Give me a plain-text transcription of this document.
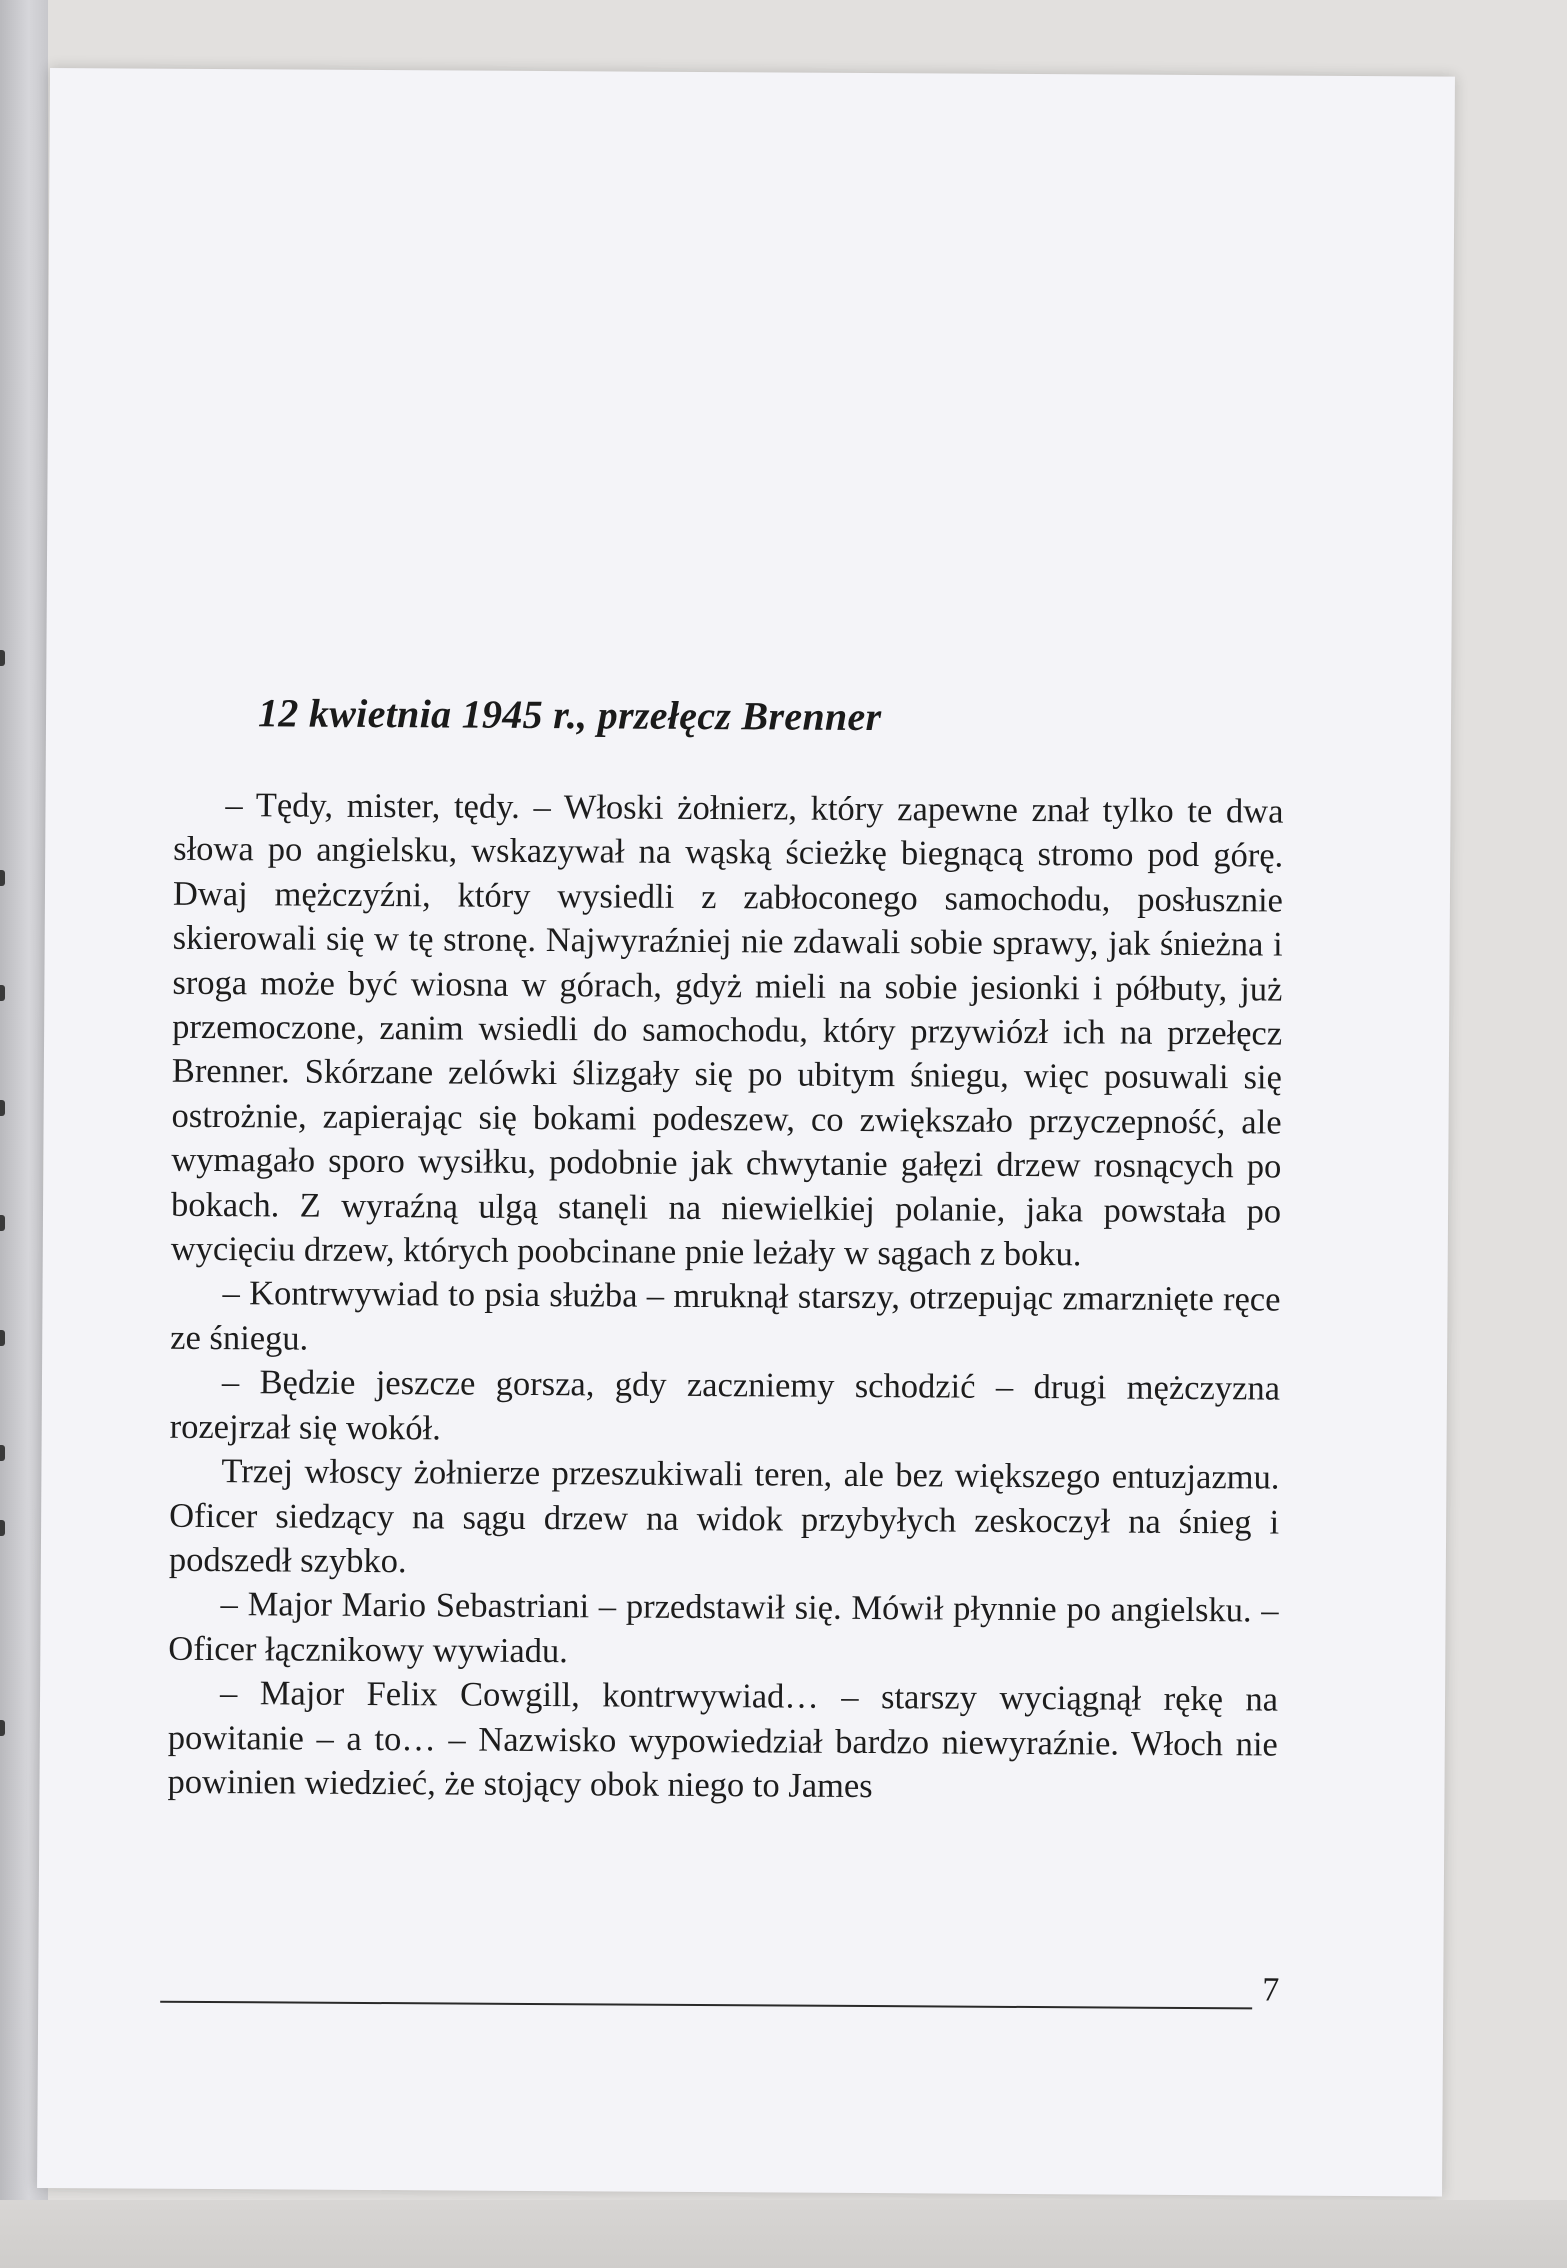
12 kwietnia 1945 r., przełęcz Brenner

– Tędy, mister, tędy. – Włoski żołnierz, który zapewne znał tylko te dwa słowa po angielsku, wskazywał na wąską ścieżkę biegnącą stromo pod górę. Dwaj mężczyźni, który wysiedli z zabłoconego samochodu, posłusznie skierowali się w tę stronę. Najwyraźniej nie zdawali sobie sprawy, jak śnieżna i sroga może być wiosna w górach, gdyż mieli na sobie jesionki i półbuty, już przemoczone, zanim wsiedli do samochodu, który przywiózł ich na przełęcz Brenner. Skórzane zelówki ślizgały się po ubitym śniegu, więc posuwali się ostrożnie, zapierając się bokami podeszew, co zwiększało przyczepność, ale wymagało sporo wysiłku, podobnie jak chwytanie gałęzi drzew rosnących po bokach. Z wyraźną ulgą stanęli na niewielkiej polanie, jaka powstała po wycięciu drzew, których poobcinane pnie leżały w sągach z boku.

– Kontrwywiad to psia służba – mruknął starszy, otrzepując zmarznięte ręce ze śniegu.

– Będzie jeszcze gorsza, gdy zaczniemy schodzić – drugi mężczyzna rozejrzał się wokół.

Trzej włoscy żołnierze przeszukiwali teren, ale bez większego entuzjazmu. Oficer siedzący na sągu drzew na widok przybyłych zeskoczył na śnieg i podszedł szybko.

– Major Mario Sebastriani – przedstawił się. Mówił płynnie po angielsku. – Oficer łącznikowy wywiadu.

– Major Felix Cowgill, kontrwywiad… – starszy wyciągnął rękę na powitanie – a to… – Nazwisko wypowiedział bardzo niewyraźnie. Włoch nie powinien wiedzieć, że stojący obok niego to James

7
